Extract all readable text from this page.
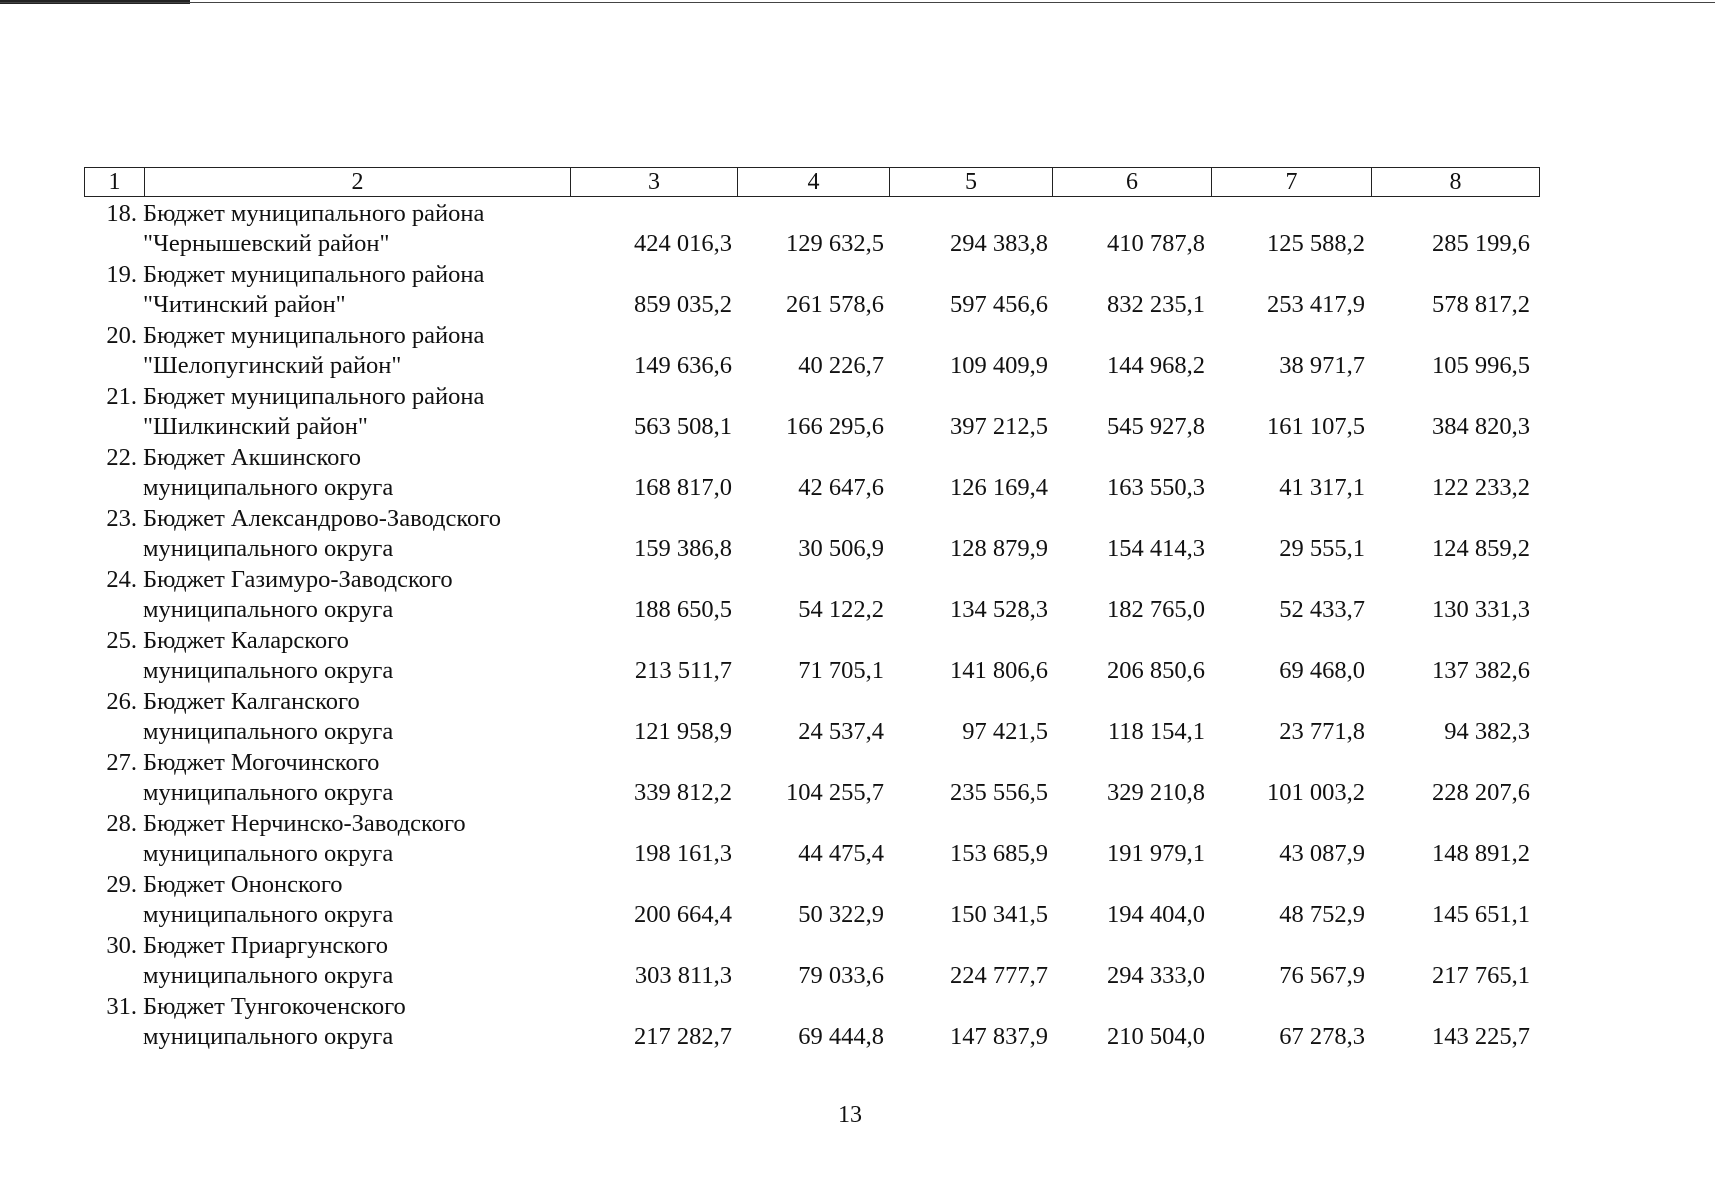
1	2	3	4	5	6	7	8
18. Бюджет муниципального района
"Чернышевский район"	424 016,3	129 632,5	294 383,8	410 787,8	125 588,2	285 199,6
19. Бюджет муниципального района
"Читинский район"	859 035,2	261 578,6	597 456,6	832 235,1	253 417,9	578 817,2
20. Бюджет муниципального района
"Шелопугинский район"	149 636,6	40 226,7	109 409,9	144 968,2	38 971,7	105 996,5
21. Бюджет муниципального района
"Шилкинский район"	563 508,1	166 295,6	397 212,5	545 927,8	161 107,5	384 820,3
22. Бюджет Акшинского
муниципального округа	168 817,0	42 647,6	126 169,4	163 550,3	41 317,1	122 233,2
23. Бюджет Александрово-Заводского
муниципального округа	159 386,8	30 506,9	128 879,9	154 414,3	29 555,1	124 859,2
24. Бюджет Газимуро-Заводского
муниципального округа	188 650,5	54 122,2	134 528,3	182 765,0	52 433,7	130 331,3
25. Бюджет Каларского
муниципального округа	213 511,7	71 705,1	141 806,6	206 850,6	69 468,0	137 382,6
26. Бюджет Калганского
муниципального округа	121 958,9	24 537,4	97 421,5	118 154,1	23 771,8	94 382,3
27. Бюджет Могочинского
муниципального округа	339 812,2	104 255,7	235 556,5	329 210,8	101 003,2	228 207,6
28. Бюджет Нерчинско-Заводского
муниципального округа	198 161,3	44 475,4	153 685,9	191 979,1	43 087,9	148 891,2
29. Бюджет Ононского
муниципального округа	200 664,4	50 322,9	150 341,5	194 404,0	48 752,9	145 651,1
30. Бюджет Приаргунского
муниципального округа	303 811,3	79 033,6	224 777,7	294 333,0	76 567,9	217 765,1
31. Бюджет Тунгокоченского
муниципального округа	217 282,7	69 444,8	147 837,9	210 504,0	67 278,3	143 225,7
13
